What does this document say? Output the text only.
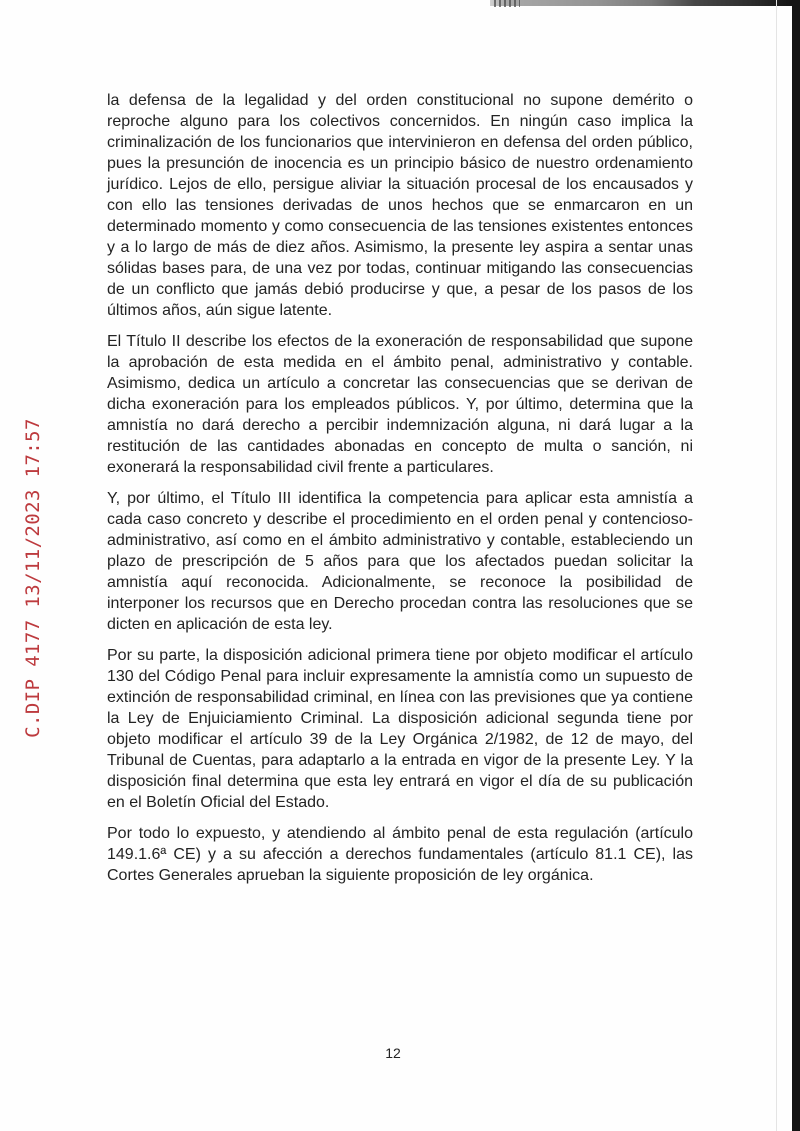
C.DIP 4177 13/11/2023 17:57

la defensa de la legalidad y del orden constitucional no supone demérito o reproche alguno para los colectivos concernidos. En ningún caso implica la criminalización de los funcionarios que intervinieron en defensa del orden público, pues la presunción de inocencia es un principio básico de nuestro ordenamiento jurídico. Lejos de ello, persigue aliviar la situación procesal de los encausados y con ello las tensiones derivadas de unos hechos que se enmarcaron en un determinado momento y como consecuencia de las tensiones existentes entonces y a lo largo de más de diez años. Asimismo, la presente ley aspira a sentar unas sólidas bases para, de una vez por todas, continuar mitigando las consecuencias de un conflicto que jamás debió producirse y que, a pesar de los pasos de los últimos años, aún sigue latente.

El Título II describe los efectos de la exoneración de responsabilidad que supone la aprobación de esta medida en el ámbito penal, administrativo y contable. Asimismo, dedica un artículo a concretar las consecuencias que se derivan de dicha exoneración para los empleados públicos. Y, por último, determina que la amnistía no dará derecho a percibir indemnización alguna, ni dará lugar a la restitución de las cantidades abonadas en concepto de multa o sanción, ni exonerará la responsabilidad civil frente a particulares.

Y, por último, el Título III identifica la competencia para aplicar esta amnistía a cada caso concreto y describe el procedimiento en el orden penal y contencioso-administrativo, así como en el ámbito administrativo y contable, estableciendo un plazo de prescripción de 5 años para que los afectados puedan solicitar la amnistía aquí reconocida. Adicionalmente, se reconoce la posibilidad de interponer los recursos que en Derecho procedan contra las resoluciones que se dicten en aplicación de esta ley.

Por su parte, la disposición adicional primera tiene por objeto modificar el artículo 130 del Código Penal para incluir expresamente la amnistía como un supuesto de extinción de responsabilidad criminal, en línea con las previsiones que ya contiene la Ley de Enjuiciamiento Criminal. La disposición adicional segunda tiene por objeto modificar el artículo 39 de la Ley Orgánica 2/1982, de 12 de mayo, del Tribunal de Cuentas, para adaptarlo a la entrada en vigor de la presente Ley. Y la disposición final determina que esta ley entrará en vigor el día de su publicación en el Boletín Oficial del Estado.

Por todo lo expuesto, y atendiendo al ámbito penal de esta regulación (artículo 149.1.6ª CE) y a su afección a derechos fundamentales (artículo 81.1 CE), las Cortes Generales aprueban la siguiente proposición de ley orgánica.

12
